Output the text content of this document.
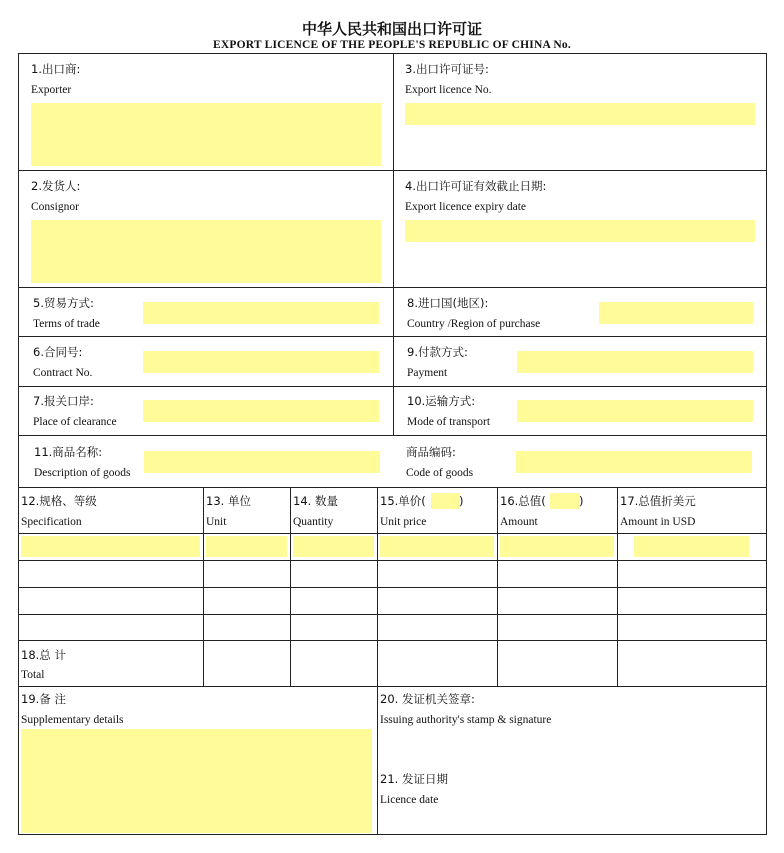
中华人民共和国出口许可证
EXPORT LICENCE OF THE PEOPLE'S REPUBLIC OF CHINA No.
1.出口商:
Exporter
3.出口许可证号:
Export licence No.
2.发货人:
Consignor
4.出口许可证有效截止日期:
Export licence expiry date
5.贸易方式:
Terms of trade
8.进口国(地区):
Country /Region of purchase
6.合同号:
Contract No.
9.付款方式:
Payment
7.报关口岸:
Place of clearance
10.运输方式:
Mode of transport
11.商品名称:
Description of goods
商品编码:
Code of goods
12.规格、等级
Specification
13. 单位
Unit
14. 数量
Quantity
15.单价(	)
Unit price
16.总值(	)
Amount
17.总值折美元
Amount in USD
18.总 计
Total
19.备 注
Supplementary details
20. 发证机关签章:
Issuing authority's stamp & signature
21. 发证日期
Licence date
